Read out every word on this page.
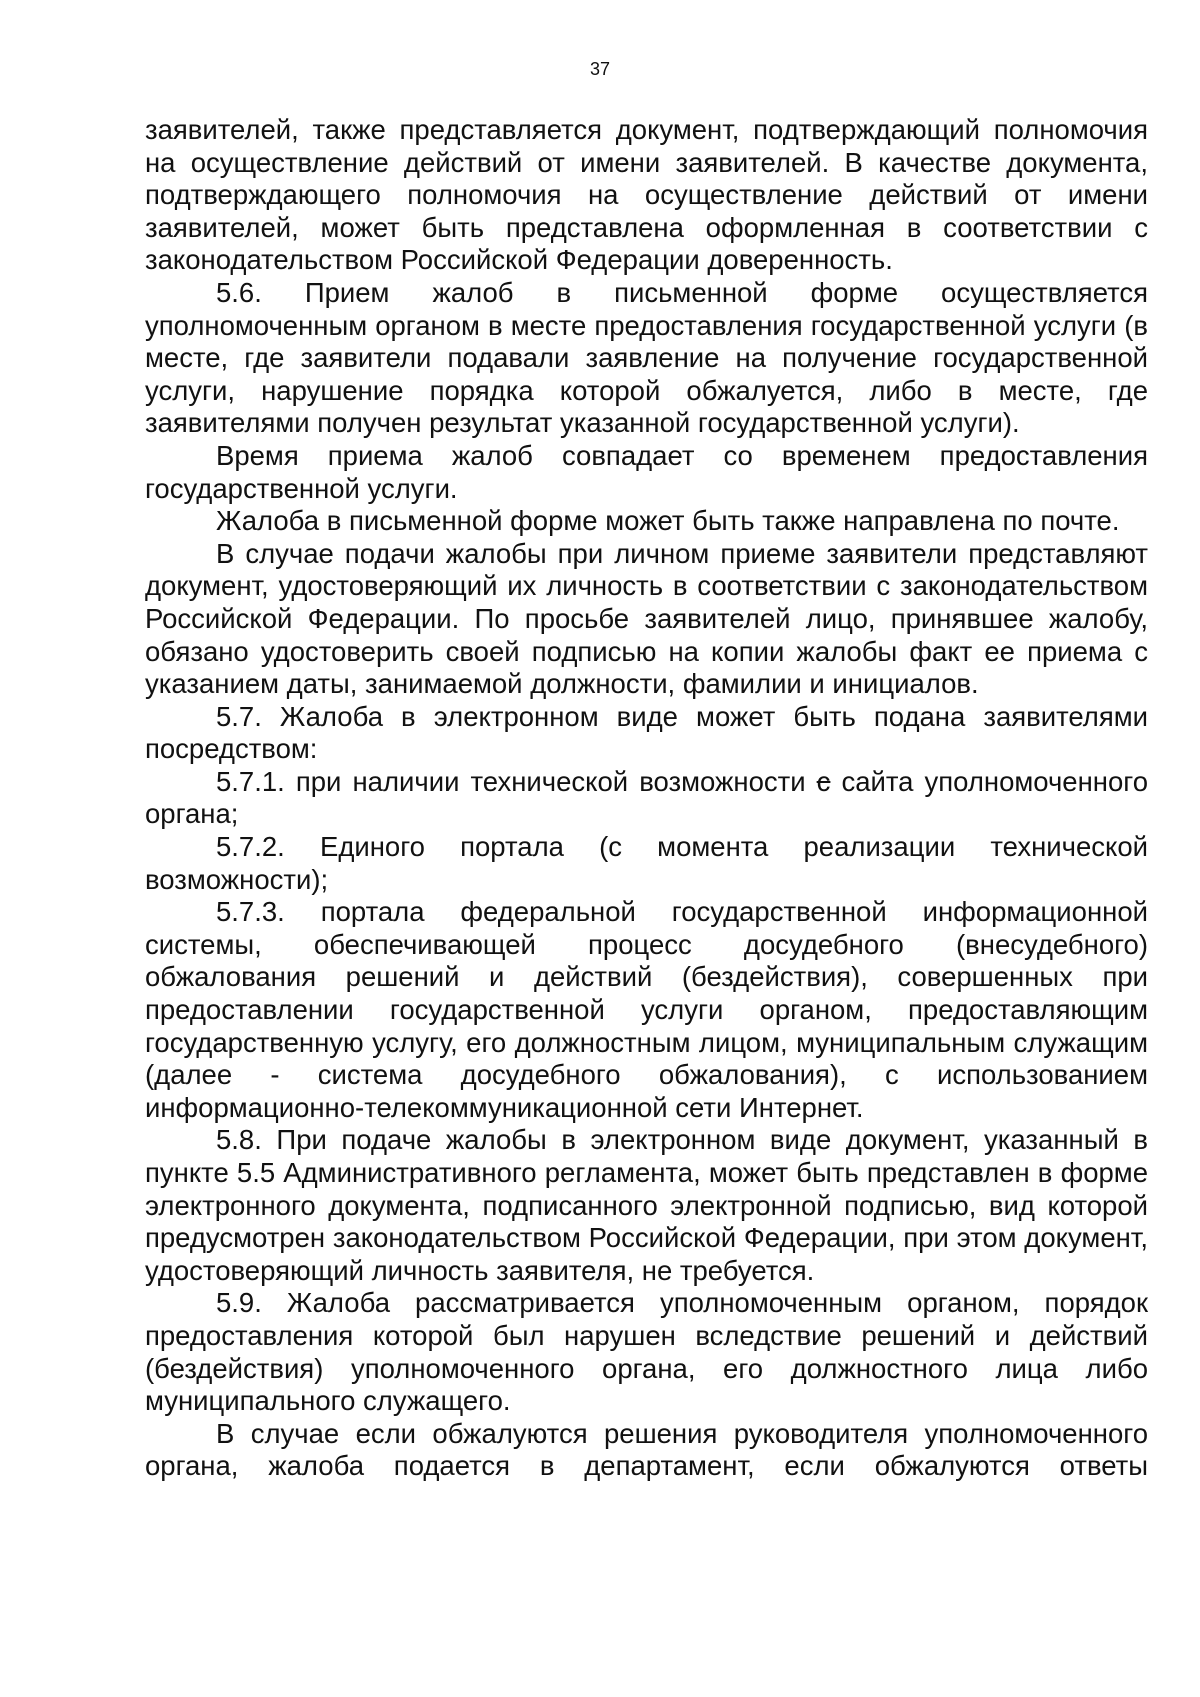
37

заявителей, также представляется документ, подтверждающий полномочия на осуществление действий от имени заявителей. В качестве документа, подтверждающего полномочия на осуществление действий от имени заявителей, может быть представлена оформленная в соответствии с законодательством Российской Федерации доверенность.

5.6. Прием жалоб в письменной форме осуществляется уполномоченным органом в месте предоставления государственной услуги (в месте, где заявители подавали заявление на получение государственной услуги, нарушение порядка которой обжалуется, либо в месте, где заявителями получен результат указанной государственной услуги).

Время приема жалоб совпадает со временем предоставления государственной услуги.

Жалоба в письменной форме может быть также направлена по почте.

В случае подачи жалобы при личном приеме заявители представляют документ, удостоверяющий их личность в соответствии с законодательством Российской Федерации. По просьбе заявителей лицо, принявшее жалобу, обязано удостоверить своей подписью на копии жалобы факт ее приема с указанием даты, занимаемой должности, фамилии и инициалов.

5.7. Жалоба в электронном виде может быть подана заявителями посредством:

5.7.1. при наличии технической возможности с сайта уполномоченного органа;

5.7.2. Единого портала (с момента реализации технической возможности);

5.7.3. портала федеральной государственной информационной системы, обеспечивающей процесс досудебного (внесудебного) обжалования решений и действий (бездействия), совершенных при предоставлении государственной услуги органом, предоставляющим государственную услугу, его должностным лицом, муниципальным служащим (далее - система досудебного обжалования), с использованием информационно-телекоммуникационной сети Интернет.

5.8. При подаче жалобы в электронном виде документ, указанный в пункте 5.5 Административного регламента, может быть представлен в форме электронного документа, подписанного электронной подписью, вид которой предусмотрен законодательством Российской Федерации, при этом документ, удостоверяющий личность заявителя, не требуется.

5.9. Жалоба рассматривается уполномоченным органом, порядок предоставления которой был нарушен вследствие решений и действий (бездействия) уполномоченного органа, его должностного лица либо муниципального служащего.

В случае если обжалуются решения руководителя уполномоченного органа, жалоба подается в департамент, если обжалуются ответы
